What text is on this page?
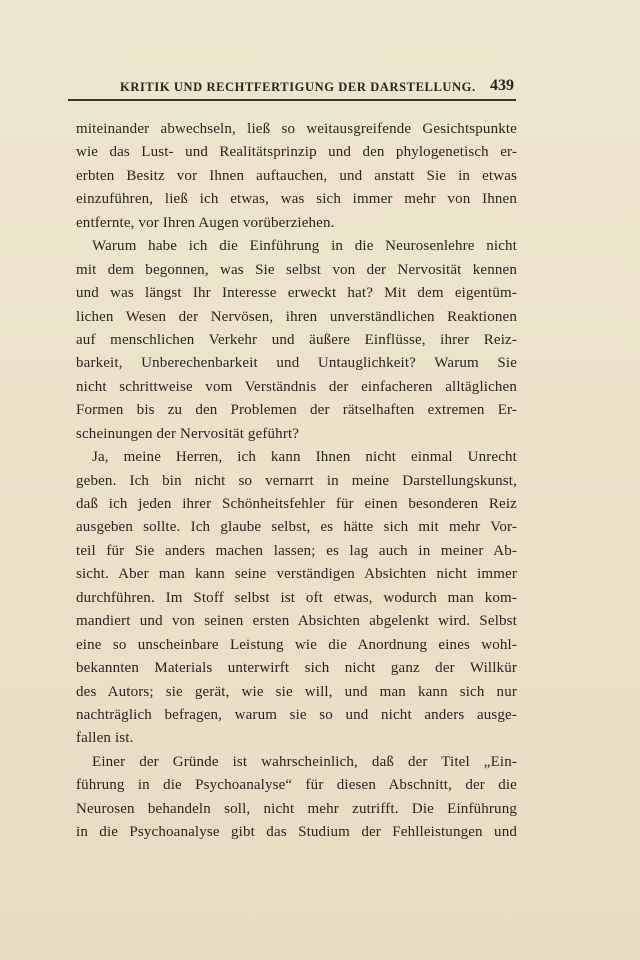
KRITIK UND RECHTFERTIGUNG DER DARSTELLUNG. 439
miteinander abwechseln, ließ so weitausgreifende Gesichtspunkte
wie das Lust- und Realitätsprinzip und den phylogenetisch er-
erbten Besitz vor Ihnen auftauchen, und anstatt Sie in etwas
einzuführen, ließ ich etwas, was sich immer mehr von Ihnen
entfernte, vor Ihren Augen vorüberziehen.
Warum habe ich die Einführung in die Neurosenlehre nicht
mit dem begonnen, was Sie selbst von der Nervosität kennen
und was längst Ihr Interesse erweckt hat? Mit dem eigentüm-
lichen Wesen der Nervösen, ihren unverständlichen Reaktionen
auf menschlichen Verkehr und äußere Einflüsse, ihrer Reiz-
barkeit, Unberechenbarkeit und Untauglichkeit? Warum Sie
nicht schrittweise vom Verständnis der einfacheren alltäglichen
Formen bis zu den Problemen der rätselhaften extremen Er-
scheinungen der Nervosität geführt?
Ja, meine Herren, ich kann Ihnen nicht einmal Unrecht
geben. Ich bin nicht so vernarrt in meine Darstellungskunst,
daß ich jeden ihrer Schönheitsfehler für einen besonderen Reiz
ausgeben sollte. Ich glaube selbst, es hätte sich mit mehr Vor-
teil für Sie anders machen lassen; es lag auch in meiner Ab-
sicht. Aber man kann seine verständigen Absichten nicht immer
durchführen. Im Stoff selbst ist oft etwas, wodurch man kom-
mandiert und von seinen ersten Absichten abgelenkt wird. Selbst
eine so unscheinbare Leistung wie die Anordnung eines wohl-
bekannten Materials unterwirft sich nicht ganz der Willkür
des Autors; sie gerät, wie sie will, und man kann sich nur
nachträglich befragen, warum sie so und nicht anders ausge-
fallen ist.
Einer der Gründe ist wahrscheinlich, daß der Titel „Ein-
führung in die Psychoanalyse“ für diesen Abschnitt, der die
Neurosen behandeln soll, nicht mehr zutrifft. Die Einführung
in die Psychoanalyse gibt das Studium der Fehlleistungen und
